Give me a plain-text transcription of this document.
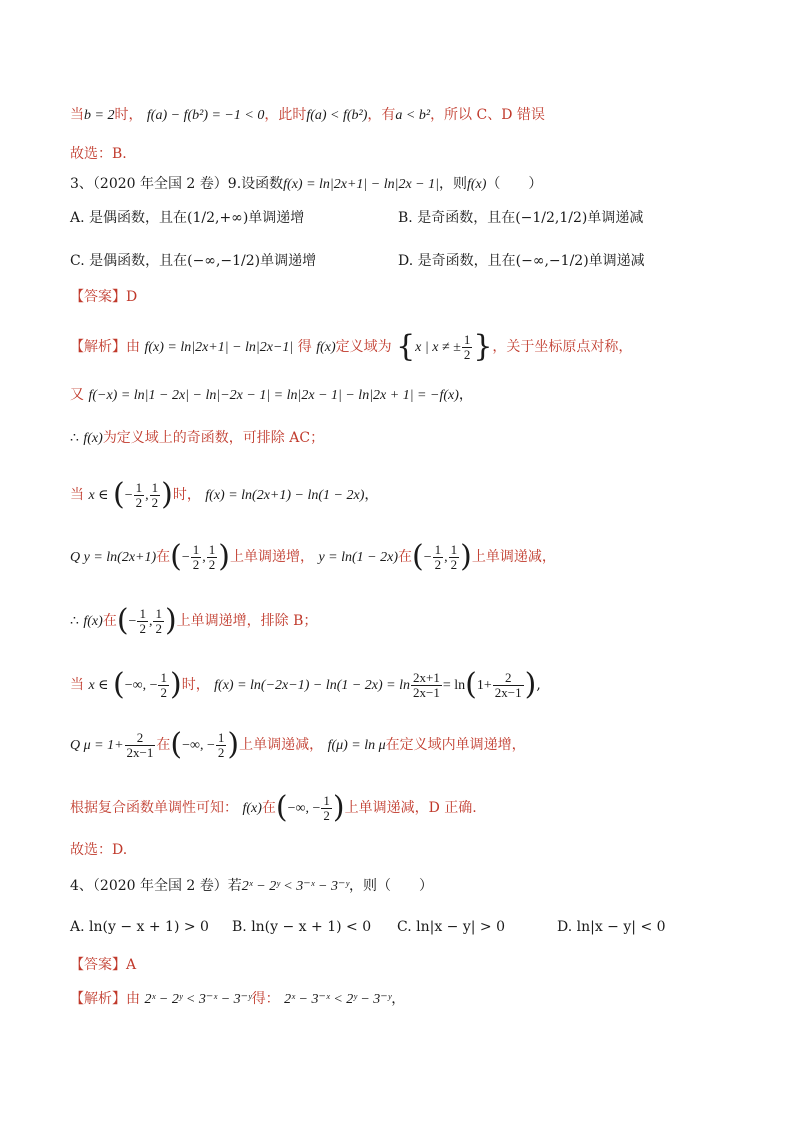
当b = 2时， f(a) − f(b²) = −1 < 0，此时f(a) < f(b²)，有a < b²，所以 C、D 错误
故选：B.
3、（2020 年全国 2 卷）9.设函数f(x) = ln|2x+1| − ln|2x − 1|，则f(x)（　　）
A. 是偶函数，且在(1/2,+∞)单调递增	B. 是奇函数，且在(−1/2,1/2)单调递减
C. 是偶函数，且在(−∞,−1/2)单调递增	D. 是奇函数，且在(−∞,−1/2)单调递减
【答案】D
【解析】由 f(x) = ln|2x+1| − ln|2x−1| 得 f(x)定义域为 {x | x ≠ ± $\frac{1}{2}$ }，关于坐标原点对称，
又 f(−x) = ln|1 − 2x| − ln|−2x − 1| = ln|2x − 1| − ln|2x + 1| = −f(x)，
∴ f(x)为定义域上的奇函数，可排除 AC；
当 x ∈ (− $\frac{1}{2}$ , $\frac{1}{2}$ )时， f(x) = ln(2x+1) − ln(1 − 2x)，
Q y = ln(2x+1)在(− $\frac{1}{2}$ , $\frac{1}{2}$ )上单调递增， y = ln(1 − 2x)在(− $\frac{1}{2}$ , $\frac{1}{2}$ )上单调递减，
∴ f(x)在(− $\frac{1}{2}$ , $\frac{1}{2}$ )上单调递增，排除 B；
当 x ∈ (−∞, − $\frac{1}{2}$ )时， $f(x) = \ln(-2x-1) - \ln(1 - 2x) = \ln \frac{2x+1}{2x-1} = \ln(1+ \frac{2}{2x-1}$ ),
Q $\mu = 1+ \frac{2}{2x-1}$ 在(−∞, − $\frac{1}{2}$ )上单调递减， f(μ) = ln μ在定义域内单调递增，
根据复合函数单调性可知： f(x)在(−∞, − $\frac{1}{2}$ )上单调递减，D 正确.
故选：D.
4、（2020 年全国 2 卷）若2ˣ − 2ʸ < 3⁻ˣ − 3⁻ʸ，则（　　）
A. ln(y − x + 1) > 0 B. ln(y − x + 1) < 0 C. ln|x − y| > 0	D. ln|x − y| < 0
【答案】A
【解析】由 2ˣ − 2ʸ < 3⁻ˣ − 3⁻ʸ得： 2ˣ − 3⁻ˣ < 2ʸ − 3⁻ʸ，
